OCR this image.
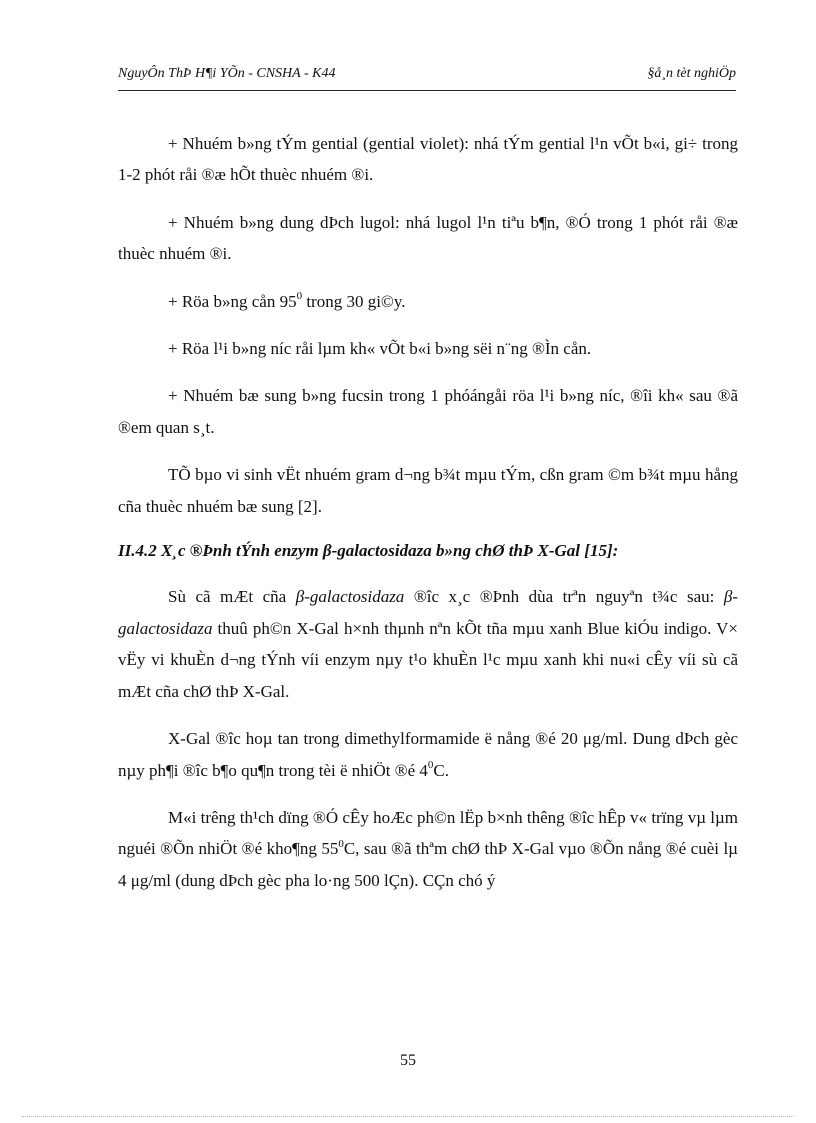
NguyÔn ThÞ H¶i YÕn - CNSHA - K44	§å¸n tèt nghiÖp

+ Nhuém b»ng tÝm gential (gential violet): nhá tÝm gential l¹n vÕt b«i, gi÷ trong 1-2 phót råi ®æ hÕt thuèc nhuém ®i.

+ Nhuém b»ng dung dÞch lugol: nhá lugol l¹n tiªu b¶n, ®Ó trong 1 phót råi ®æ thuèc nhuém ®i.

+ Röa b»ng cån $95^0$ trong 30 gi©y.

+ Röa l¹i b»ng níc råi lµm kh« vÕt b«i b»ng sëi n¨ng ®Ìn cån.

+ Nhuém bæ sung b»ng fucsin trong 1 phóángåi röa l¹i b»ng níc, ®îi kh« sau ®ã ®em quan s¸t.

TÕ bµo vi sinh vËt nhuém gram d¬ng b¾t mµu tÝm, cßn gram ©m b¾t mµu hång cña thuèc nhuém bæ sung [2].

II.4.2 X¸c ®Þnh tÝnh enzym β-galactosidaza b»ng chØ thÞ X-Gal [15]:

Sù cã mÆt cña β-galactosidaza ®îc x¸c ®Þnh dùa trªn nguyªn t¾c sau: β-galactosidaza thuû ph©n X-Gal h×nh thµnh nªn kÕt tña mµu xanh Blue kiÓu indigo. V× vËy vi khuÈn d¬ng tÝnh víi enzym nµy t¹o khuÈn l¹c mµu xanh khi nu«i cÊy víi sù cã mÆt cña chØ thÞ X-Gal.

X-Gal ®îc hoµ tan trong dimethylformamide ë nång ®é 20 μg/ml. Dung dÞch gèc nµy ph¶i ®îc b¶o qu¶n trong tèi ë nhiÖt ®é $4^0C$.

M«i trêng th¹ch dïng ®Ó cÊy hoÆc ph©n lËp b×nh thêng ®îc hÊp v« trïng vµ lµm nguéi ®Õn nhiÖt ®é kho¶ng $55^0C$, sau ®ã thªm chØ thÞ X-Gal vµo ®Õn nång ®é cuèi lµ 4 μg/ml (dung dÞch gèc pha lo·ng 500 lÇn). CÇn chó ý

55
